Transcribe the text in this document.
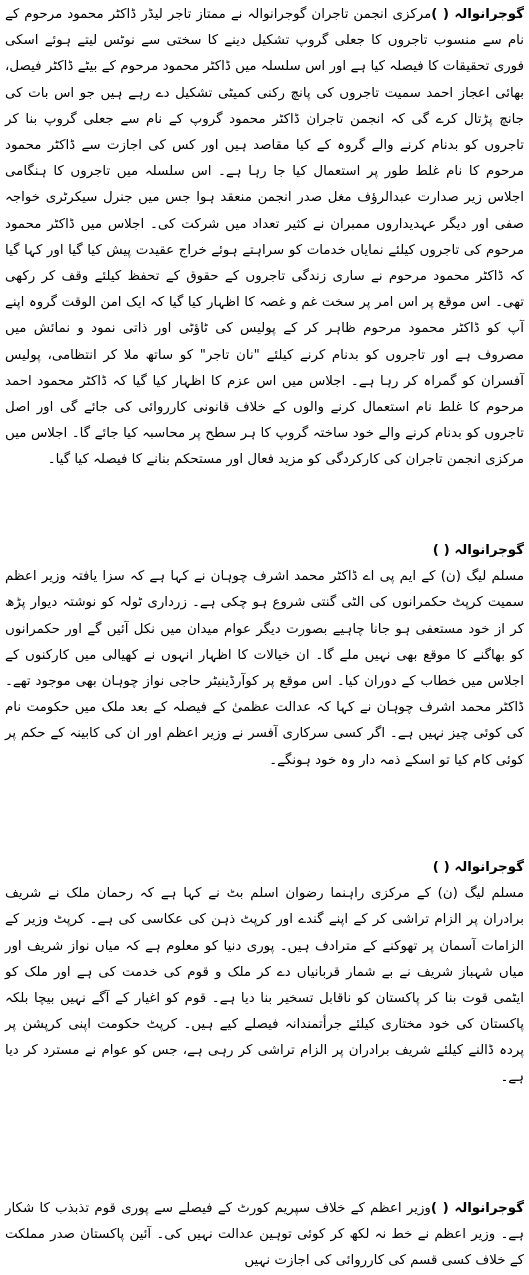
گوجرانوالہ ( )مرکزی انجمن تاجران گوجرانوالہ نے ممتاز تاجر لیڈر ڈاکٹر محمود مرحوم کے نام سے منسوب تاجروں کا جعلی گروپ تشکیل دینے کا سختی سے نوٹس لیتے ہوئے اسکی فوری تحقیقات کا فیصلہ کیا ہے اور اس سلسلہ میں ڈاکٹر محمود مرحوم کے بیٹے ڈاکٹر فیصل، بھائی اعجاز احمد سمیت تاجروں کی پانچ رکنی کمیٹی تشکیل دے رہے ہیں جو اس بات کی جانچ پڑتال کرے گی کہ انجمن تاجران ڈاکٹر محمود گروپ کے نام سے جعلی گروپ بنا کر تاجروں کو بدنام کرنے والے گروہ کے کیا مقاصد ہیں اور کس کی اجازت سے ڈاکٹر محمود مرحوم کا نام غلط طور پر استعمال کیا جا رہا ہے۔ اس سلسلہ میں تاجروں کا ہنگامی اجلاس زیر صدارت عبدالرؤف مغل صدر انجمن منعقد ہوا جس میں جنرل سیکرٹری خواجہ صفی اور دیگر عہدیداروں ممبران نے کثیر تعداد میں شرکت کی۔ اجلاس میں ڈاکٹر محمود مرحوم کی تاجروں کیلئے نمایاں خدمات کو سراہتے ہوئے خراج عقیدت پیش کیا گیا اور کہا گیا کہ ڈاکٹر محمود مرحوم نے ساری زندگی تاجروں کے حقوق کے تحفظ کیلئے وقف کر رکھی تھی۔ اس موقع پر اس امر پر سخت غم و غصہ کا اظہار کیا گیا کہ ایک امن الوقت گروہ اپنے آپ کو ڈاکٹر محمود مرحوم ظاہر کر کے پولیس کی ٹاؤٹی اور ذاتی نمود و نمائش میں مصروف ہے اور تاجروں کو بدنام کرنے کیلئے "نان تاجر" کو ساتھ ملا کر انتظامی، پولیس آفسران کو گمراہ کر رہا ہے۔ اجلاس میں اس عزم کا اظہار کیا گیا کہ ڈاکٹر محمود احمد مرحوم کا غلط نام استعمال کرنے والوں کے خلاف قانونی کارروائی کی جائے گی اور اصل تاجروں کو بدنام کرنے والے خود ساختہ گروپ کا ہر سطح پر محاسبہ کیا جائے گا۔ اجلاس میں مرکزی انجمن تاجران کی کارکردگی کو مزید فعال اور مستحکم بنانے کا فیصلہ کیا گیا۔

گوجرانوالہ ( )
مسلم لیگ (ن) کے ایم پی اے ڈاکٹر محمد اشرف چوہان نے کہا ہے کہ سزا یافتہ وزیر اعظم سمیت کرپٹ حکمرانوں کی الٹی گنتی شروع ہو چکی ہے۔ زرداری ٹولہ کو نوشتہ دیوار پڑھ کر از خود مستعفی ہو جانا چاہیے بصورت دیگر عوام میدان میں نکل آئیں گے اور حکمرانوں کو بھاگنے کا موقع بھی نہیں ملے گا۔ ان خیالات کا اظہار انہوں نے کھیالی میں کارکنوں کے اجلاس میں خطاب کے دوران کیا۔ اس موقع پر کوآرڈینیٹر حاجی نواز چوہان بھی موجود تھے۔ ڈاکٹر محمد اشرف چوہان نے کہا کہ عدالت عظمیٰ کے فیصلہ کے بعد ملک میں حکومت نام کی کوئی چیز نہیں ہے۔ اگر کسی سرکاری آفسر نے وزیر اعظم اور ان کی کابینہ کے حکم پر کوئی کام کیا تو اسکے ذمہ دار وہ خود ہونگے۔

گوجرانوالہ ( )
مسلم لیگ (ن) کے مرکزی راہنما رضوان اسلم بٹ نے کہا ہے کہ رحمان ملک نے شریف برادران پر الزام تراشی کر کے اپنے گندے اور کرپٹ ذہن کی عکاسی کی ہے۔ کرپٹ وزیر کے الزامات آسمان پر تھوکنے کے مترادف ہیں۔ پوری دنیا کو معلوم ہے کہ میاں نواز شریف اور میاں شہباز شریف نے بے شمار قربانیاں دے کر ملک و قوم کی خدمت کی ہے اور ملک کو ایٹمی قوت بنا کر پاکستان کو ناقابل تسخیر بنا دیا ہے۔ قوم کو اغیار کے آگے نہیں بیچا بلکہ پاکستان کی خود مختاری کیلئے جرأتمندانہ فیصلے کیے ہیں۔ کرپٹ حکومت اپنی کرپشن پر پردہ ڈالنے کیلئے شریف برادران پر الزام تراشی کر رہی ہے، جس کو عوام نے مسترد کر دیا ہے۔

گوجرانوالہ ( )وزیر اعظم کے خلاف سپریم کورٹ کے فیصلے سے پوری قوم تذبذب کا شکار ہے۔ وزیر اعظم نے خط نہ لکھ کر کوئی توہین عدالت نہیں کی۔ آئین پاکستان صدر مملکت کے خلاف کسی قسم کی کارروائی کی اجازت نہیں
